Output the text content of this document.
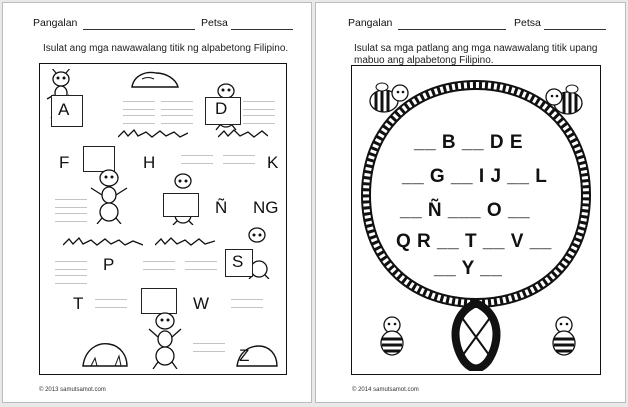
Pangalan	Petsa
Isulat ang mga nawawalang titik ng alpabetong Filipino.
A	D
F	H	K
Ñ NG
P	S
T	W
Z
© 2013 samutsamot.com
Pangalan	Petsa
Isulat sa mga patlang ang mga nawawalang titik upang
mabuo ang alpabetong Filipino.
__ B __ D E
__ G __ I J __ L
__ Ñ ___ O __
Q R __ T __ V __
__ Y __
© 2014 samutsamot.com
